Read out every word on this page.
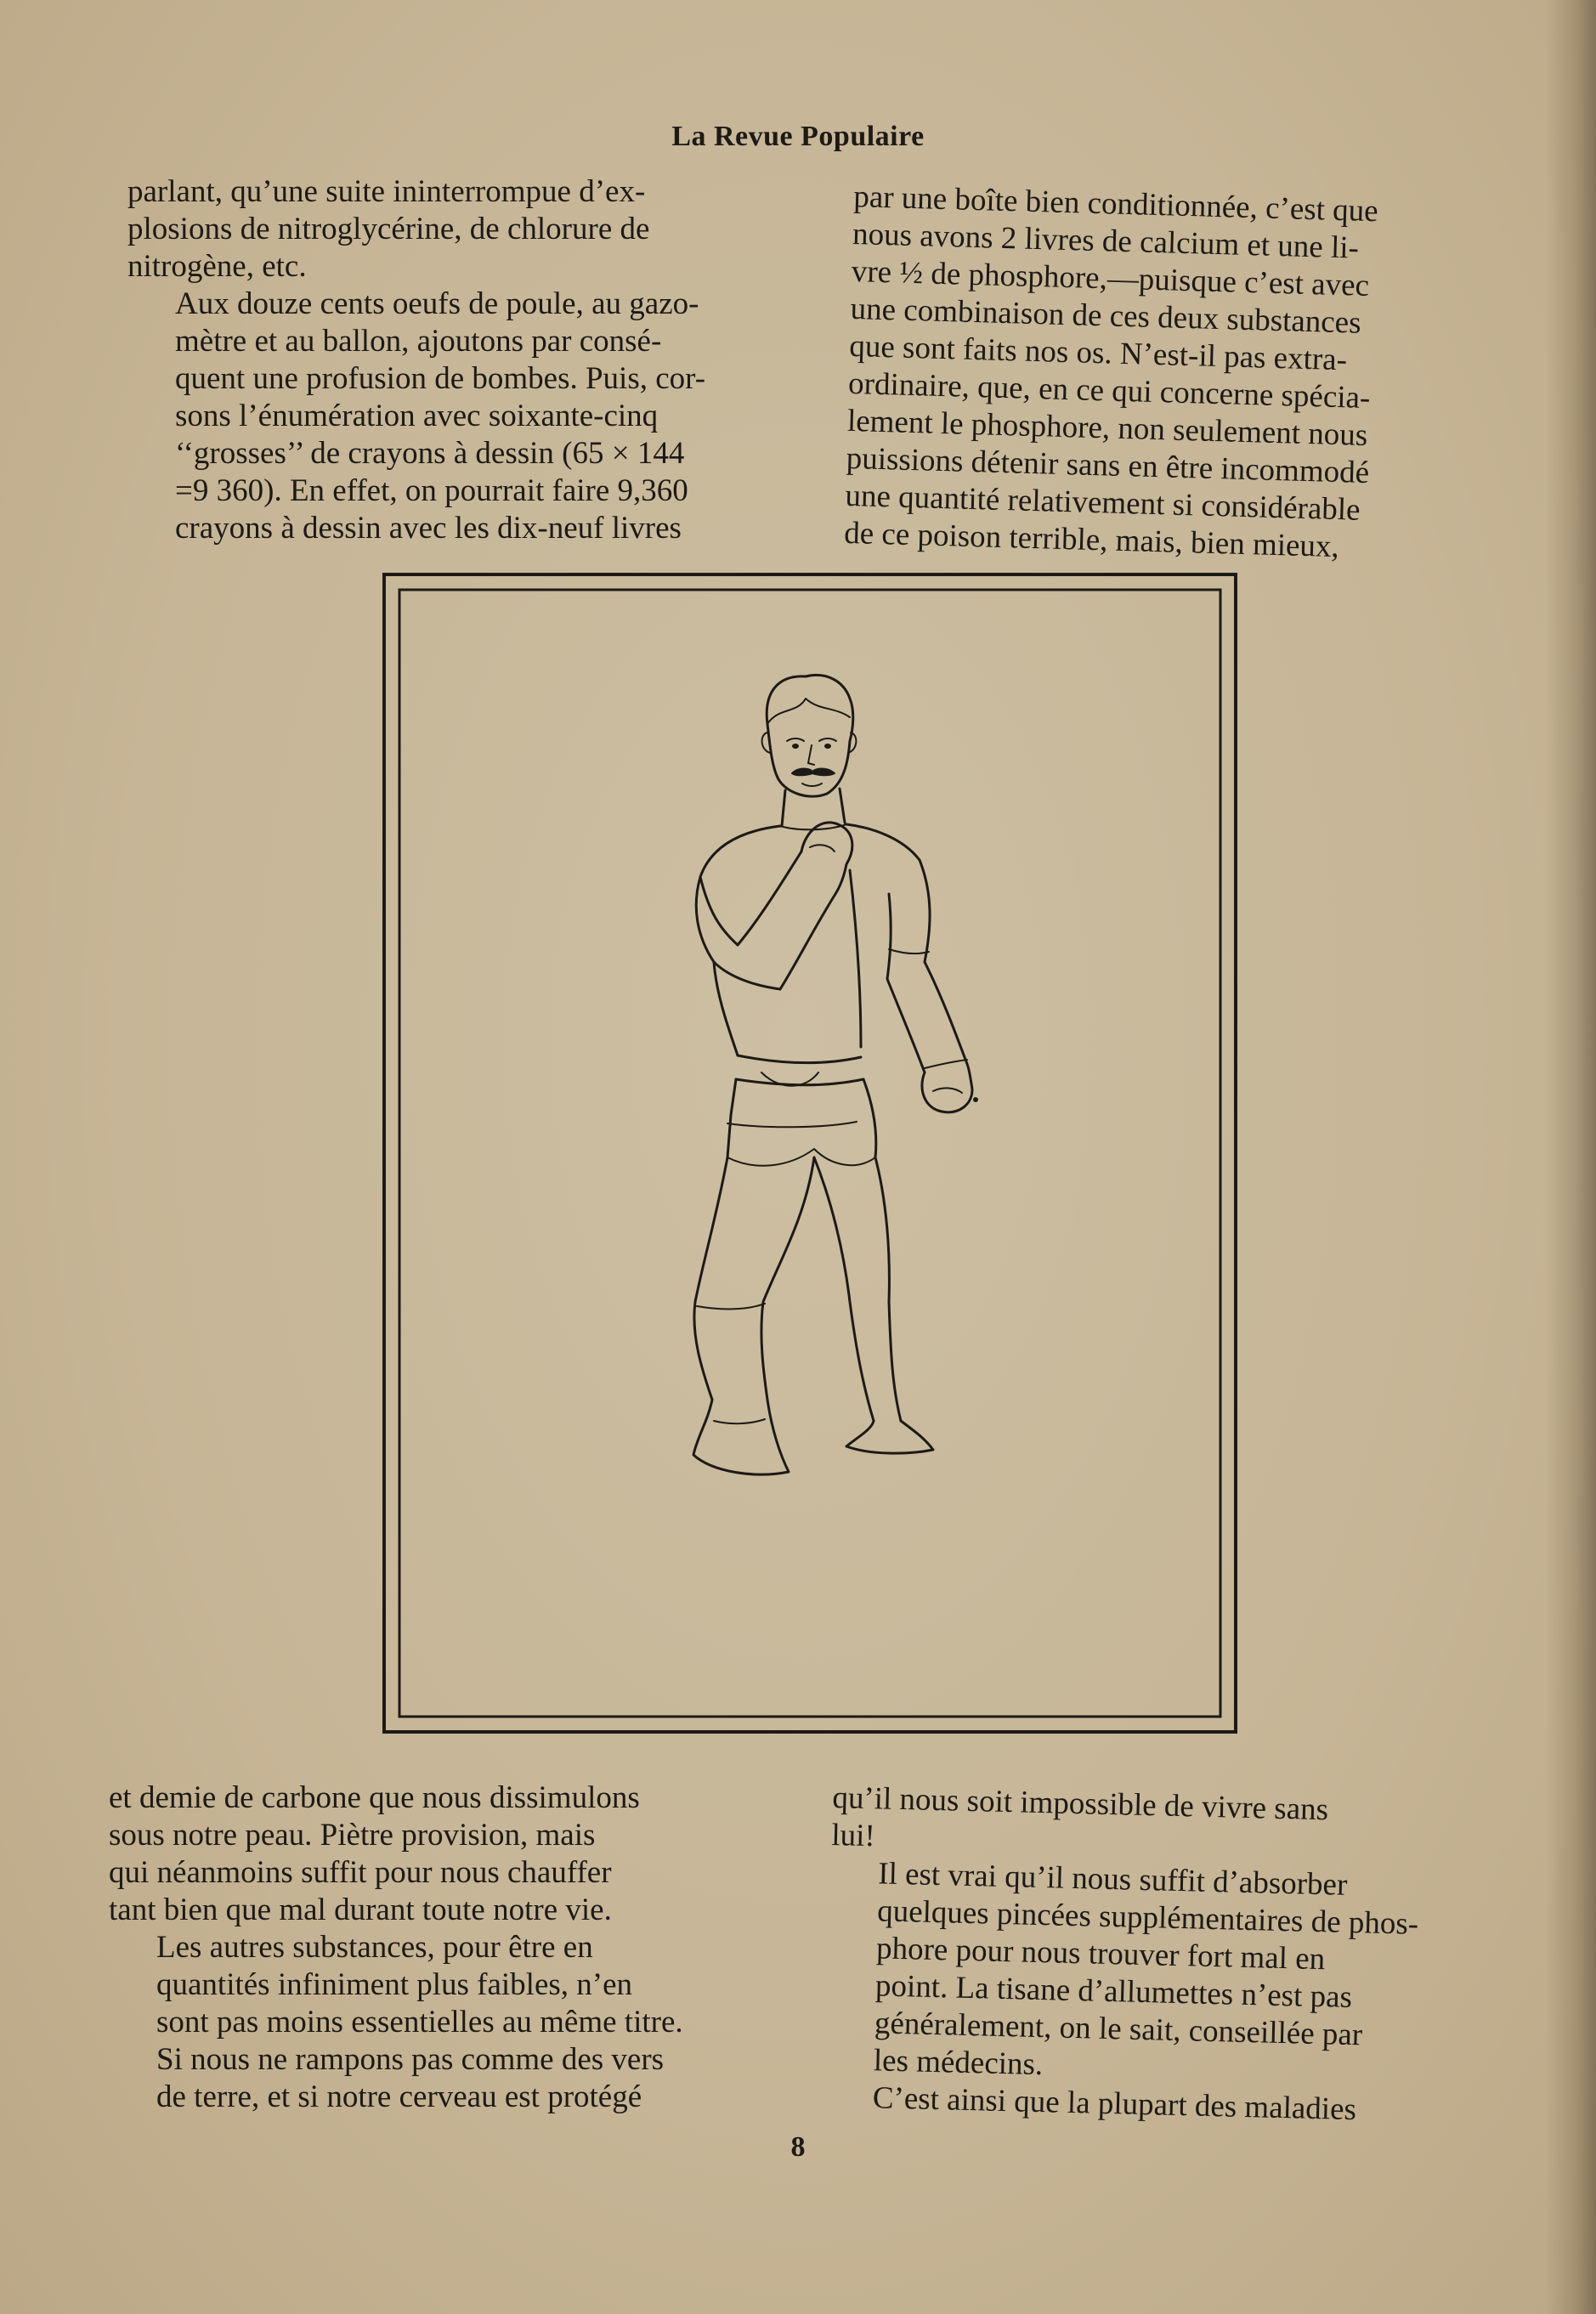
La Revue Populaire

parlant, qu’une suite ininterrompue d’ex-
plosions de nitroglycérine, de chlorure de
nitrogène, etc.

Aux douze cents oeufs de poule, au gazo-
mètre et au ballon, ajoutons par consé-
quent une profusion de bombes. Puis, cor-
sons l’énumération avec soixante-cinq
‘‘grosses’’ de crayons à dessin (65 × 144
=9 360). En effet, on pourrait faire 9,360
crayons à dessin avec les dix-neuf livres

par une boîte bien conditionnée, c’est que
nous avons 2 livres de calcium et une li-
vre ½ de phosphore,—puisque c’est avec
une combinaison de ces deux substances
que sont faits nos os. N’est-il pas extra-
ordinaire, que, en ce qui concerne spécia-
lement le phosphore, non seulement nous
puissions détenir sans en être incommodé
une quantité relativement si considérable
de ce poison terrible, mais, bien mieux,

et demie de carbone que nous dissimulons
sous notre peau. Piètre provision, mais
qui néanmoins suffit pour nous chauffer
tant bien que mal durant toute notre vie.

Les autres substances, pour être en
quantités infiniment plus faibles, n’en
sont pas moins essentielles au même titre.
Si nous ne rampons pas comme des vers
de terre, et si notre cerveau est protégé

qu’il nous soit impossible de vivre sans
lui!

Il est vrai qu’il nous suffit d’absorber
quelques pincées supplémentaires de phos-
phore pour nous trouver fort mal en
point. La tisane d’allumettes n’est pas
généralement, on le sait, conseillée par
les médecins.

C’est ainsi que la plupart des maladies

8
